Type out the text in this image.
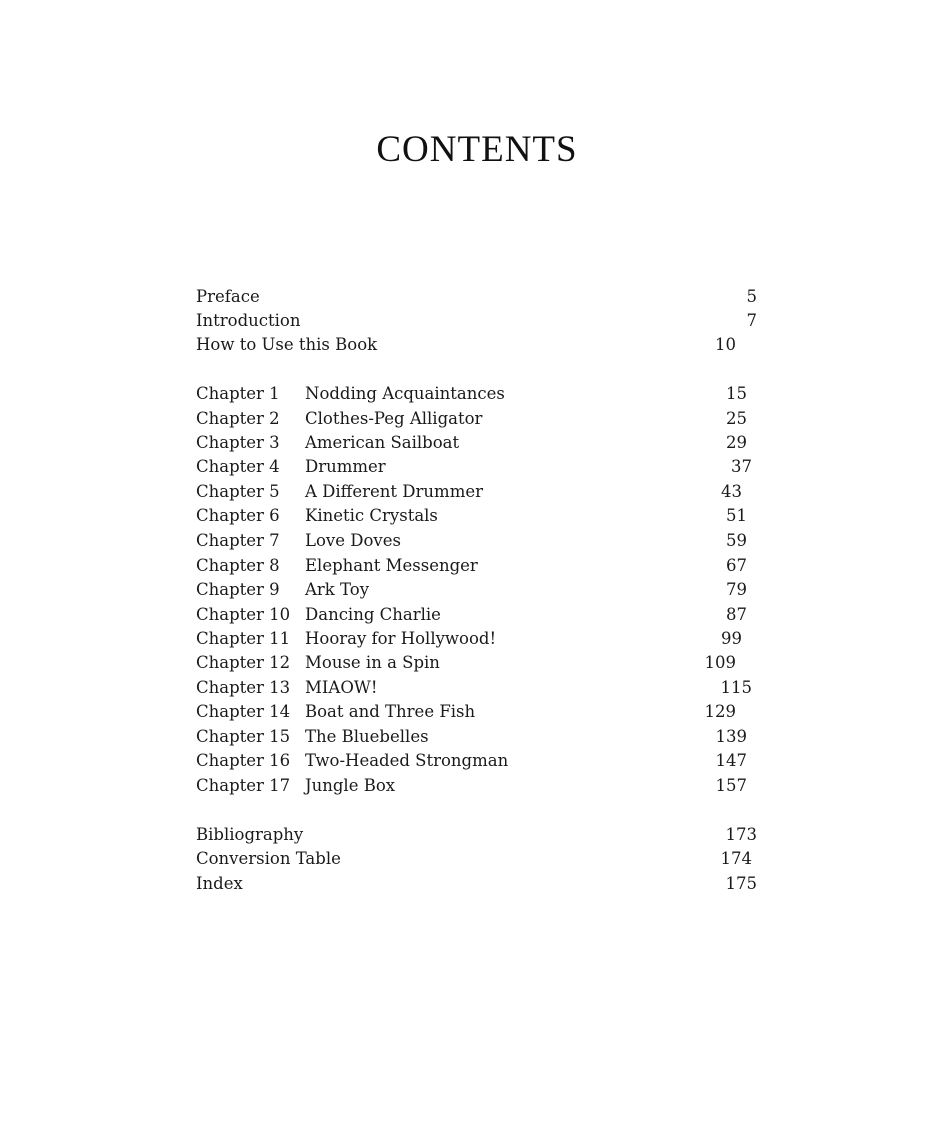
CONTENTS
Preface	5
Introduction	7
How to Use this Book	10
Chapter 1 Nodding Acquaintances	15
Chapter 2 Clothes-Peg Alligator	25
Chapter 3 American Sailboat	29
Chapter 4 Drummer	37
Chapter 5 A Different Drummer	43
Chapter 6 Kinetic Crystals	51
Chapter 7 Love Doves	59
Chapter 8 Elephant Messenger	67
Chapter 9 Ark Toy	79
Chapter 10 Dancing Charlie	87
Chapter 11 Hooray for Hollywood!	99
Chapter 12 Mouse in a Spin	109
Chapter 13 MIAOW!	115
Chapter 14 Boat and Three Fish	129
Chapter 15 The Bluebelles	139
Chapter 16 Two-Headed Strongman	147
Chapter 17 Jungle Box	157
Bibliography	173
Conversion Table	174
Index	175
